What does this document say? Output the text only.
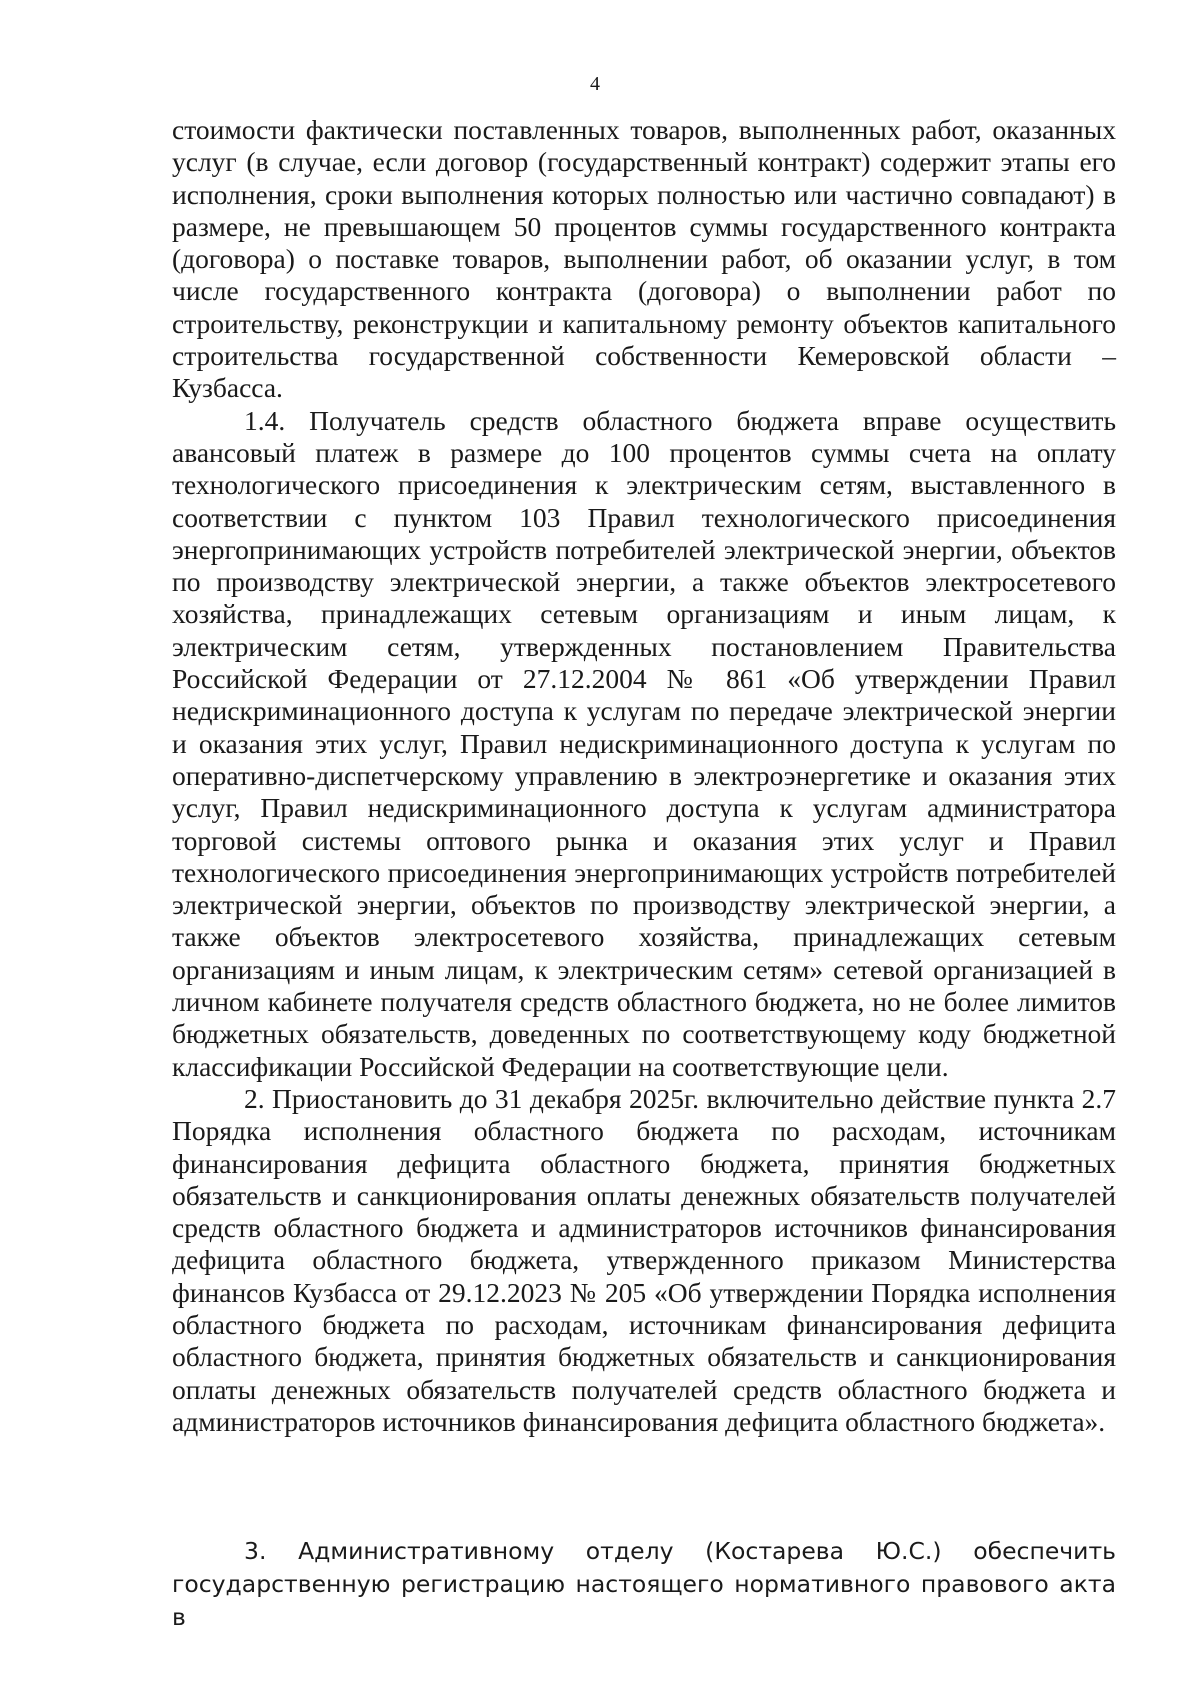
4

стоимости фактически поставленных товаров, выполненных работ, оказанных услуг (в случае, если договор (государственный контракт) содержит этапы его исполнения, сроки выполнения которых полностью или частично совпадают) в размере, не превышающем 50 процентов суммы государственного контракта (договора) о поставке товаров, выполнении работ, об оказании услуг, в том числе государственного контракта (договора) о выполнении работ по строительству, реконструкции и капитальному ремонту объектов капитального строительства государственной собственности Кемеровской области – Кузбасса.

1.4. Получатель средств областного бюджета вправе осуществить авансовый платеж в размере до 100 процентов суммы счета на оплату технологического присоединения к электрическим сетям, выставленного в соответствии с пунктом 103 Правил технологического присоединения энергопринимающих устройств потребителей электрической энергии, объектов по производству электрической энергии, а также объектов электросетевого хозяйства, принадлежащих сетевым организациям и иным лицам, к электрическим сетям, утвержденных постановлением Правительства Российской Федерации от 27.12.2004 № 861 «Об утверждении Правил недискриминационного доступа к услугам по передаче электрической энергии и оказания этих услуг, Правил недискриминационного доступа к услугам по оперативно-диспетчерскому управлению в электроэнергетике и оказания этих услуг, Правил недискриминационного доступа к услугам администратора торговой системы оптового рынка и оказания этих услуг и Правил технологического присоединения энергопринимающих устройств потребителей электрической энергии, объектов по производству электрической энергии, а также объектов электросетевого хозяйства, принадлежащих сетевым организациям и иным лицам, к электрическим сетям» сетевой организацией в личном кабинете получателя средств областного бюджета, но не более лимитов бюджетных обязательств, доведенных по соответствующему коду бюджетной классификации Российской Федерации на соответствующие цели.

2. Приостановить до 31 декабря 2025г. включительно действие пункта 2.7 Порядка исполнения областного бюджета по расходам, источникам финансирования дефицита областного бюджета, принятия бюджетных обязательств и санкционирования оплаты денежных обязательств получателей средств областного бюджета и администраторов источников финансирования дефицита областного бюджета, утвержденного приказом Министерства финансов Кузбасса от 29.12.2023 № 205 «Об утверждении Порядка исполнения областного бюджета по расходам, источникам финансирования дефицита областного бюджета, принятия бюджетных обязательств и санкционирования оплаты денежных обязательств получателей средств областного бюджета и администраторов источников финансирования дефицита областного бюджета».

3. Административному отделу (Костарева Ю.С.) обеспечить государственную регистрацию настоящего нормативного правового акта в
